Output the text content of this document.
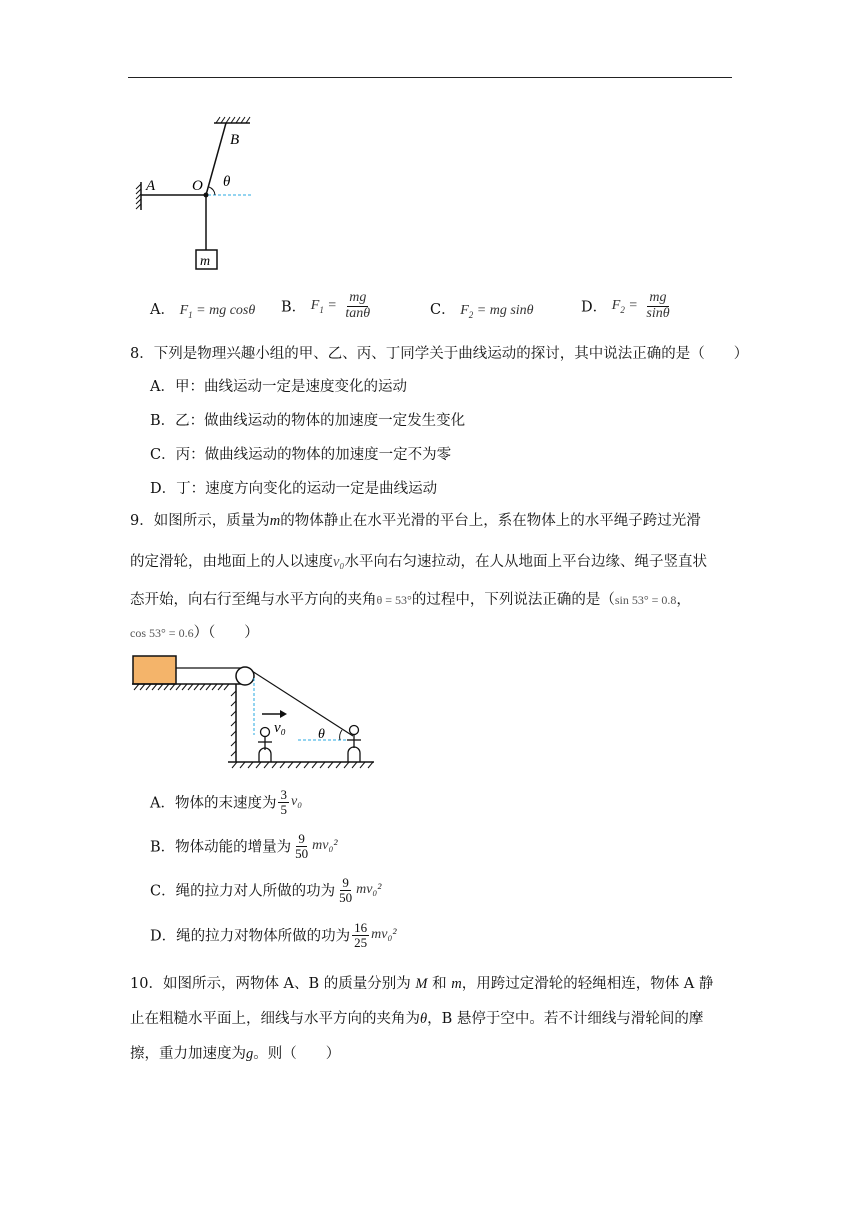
A
B
O θ
m
A． $F_1$ = mg cosθ B． $F_1 = \frac{mg}{\tan\theta}$	C． $F_2$ = mg sinθ	D． $F_2 = \frac{mg}{\sin\theta}$
8．下列是物理兴趣小组的甲、乙、丙、丁同学关于曲线运动的探讨，其中说法正确的是（　　）
A．甲：曲线运动一定是速度变化的运动
B．乙：做曲线运动的物体的加速度一定发生变化
C．丙：做曲线运动的物体的加速度一定不为零
D．丁：速度方向变化的运动一定是曲线运动
9．如图所示，质量为m的物体静止在水平光滑的平台上，系在物体上的水平绳子跨过光滑
的定滑轮，由地面上的人以速度v₀水平向右匀速拉动，在人从地面上平台边缘、绳子竖直状
态开始，向右行至绳与水平方向的夹角θ = 53°的过程中，下列说法正确的是（sin 53° = 0.8，
cos 53° = 0.6）（　　）
v₀ θ
A．物体的末速度为 $\frac{3}{5} v_0$
B．物体动能的增量为 $\frac{9}{50} mv_0^2$
C．绳的拉力对人所做的功为 $\frac{9}{50} mv_0^2$
D．绳的拉力对物体所做的功为 $\frac{16}{25} mv_0^2$
10．如图所示，两物体 A、B 的质量分别为 M 和 m，用跨过定滑轮的轻绳相连，物体 A 静
止在粗糙水平面上，细线与水平方向的夹角为θ，B 悬停于空中。若不计细线与滑轮间的摩
擦，重力加速度为g。则（　　）
